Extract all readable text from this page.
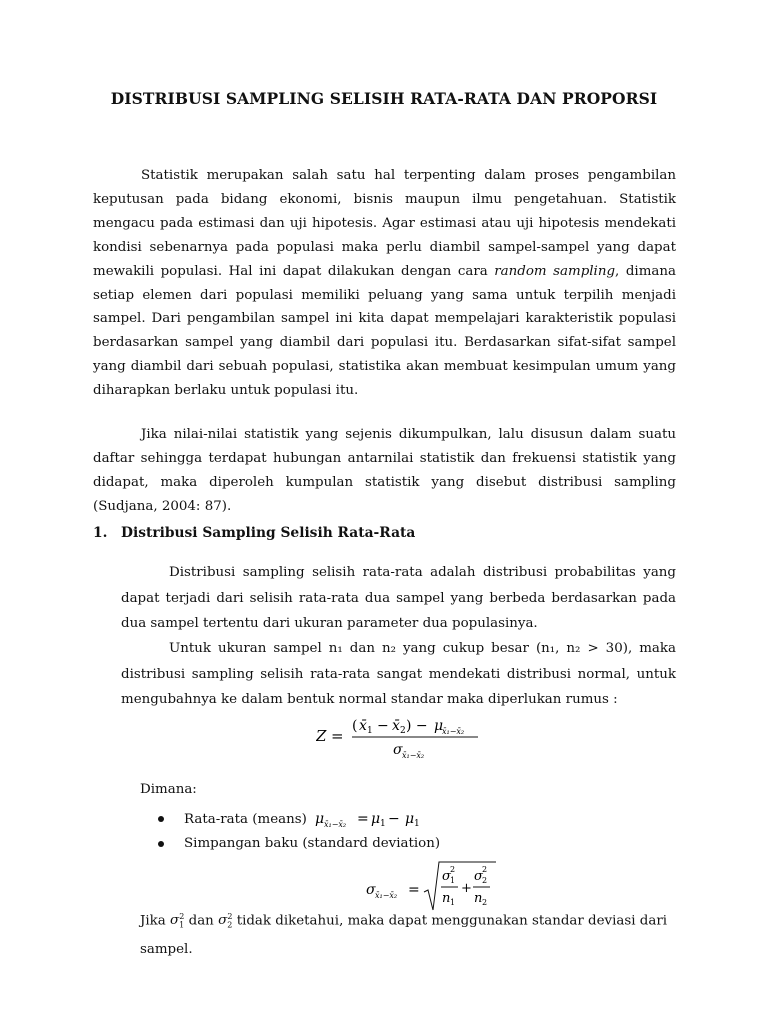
DISTRIBUSI SAMPLING SELISIH RATA-RATA DAN PROPORSI

Statistik merupakan salah satu hal terpenting dalam proses pengambilan keputusan pada bidang ekonomi, bisnis maupun ilmu pengetahuan. Statistik mengacu pada estimasi dan uji hipotesis. Agar estimasi atau uji hipotesis mendekati kondisi sebenarnya pada populasi maka perlu diambil sampel-sampel yang dapat mewakili populasi. Hal ini dapat dilakukan dengan cara random sampling, dimana setiap elemen dari populasi memiliki peluang yang sama untuk terpilih menjadi sampel. Dari pengambilan sampel ini kita dapat mempelajari karakteristik populasi berdasarkan sampel yang diambil dari populasi itu. Berdasarkan sifat-sifat sampel yang diambil dari sebuah populasi, statistika akan membuat kesimpulan umum yang diharapkan berlaku untuk populasi itu.

Jika nilai-nilai statistik yang sejenis dikumpulkan, lalu disusun dalam suatu daftar sehingga terdapat hubungan antarnilai statistik dan frekuensi statistik yang didapat, maka diperoleh kumpulan statistik yang disebut distribusi sampling (Sudjana, 2004: 87).

1. Distribusi Sampling Selisih Rata-Rata

Distribusi sampling selisih rata-rata adalah distribusi probabilitas yang dapat terjadi dari selisih rata-rata dua sampel yang berbeda berdasarkan pada dua sampel tertentu dari ukuran parameter dua populasinya.

Untuk ukuran sampel n₁ dan n₂ yang cukup besar (n₁, n₂ > 30), maka distribusi sampling selisih rata-rata sangat mendekati distribusi normal, untuk mengubahnya ke dalam bentuk normal standar maka diperlukan rumus :

Z =
( x̄ 1 − x̄ 2 ) − μ
x̄₁−x̄₂
σ x̄₁−x̄₂
Dimana:
Rata-rata (means) μ x̄₁−x̄₂ = μ 1 − μ 1
Simpangan baku (standard deviation)
σ x̄₁−x̄₂ =
σ 2
1
n 1
+
σ 2
2
n 2
Jika $\sigma_1^2$ dan $\sigma_2^2$ tidak diketahui, maka dapat menggunakan standar deviasi dari
sampel.
